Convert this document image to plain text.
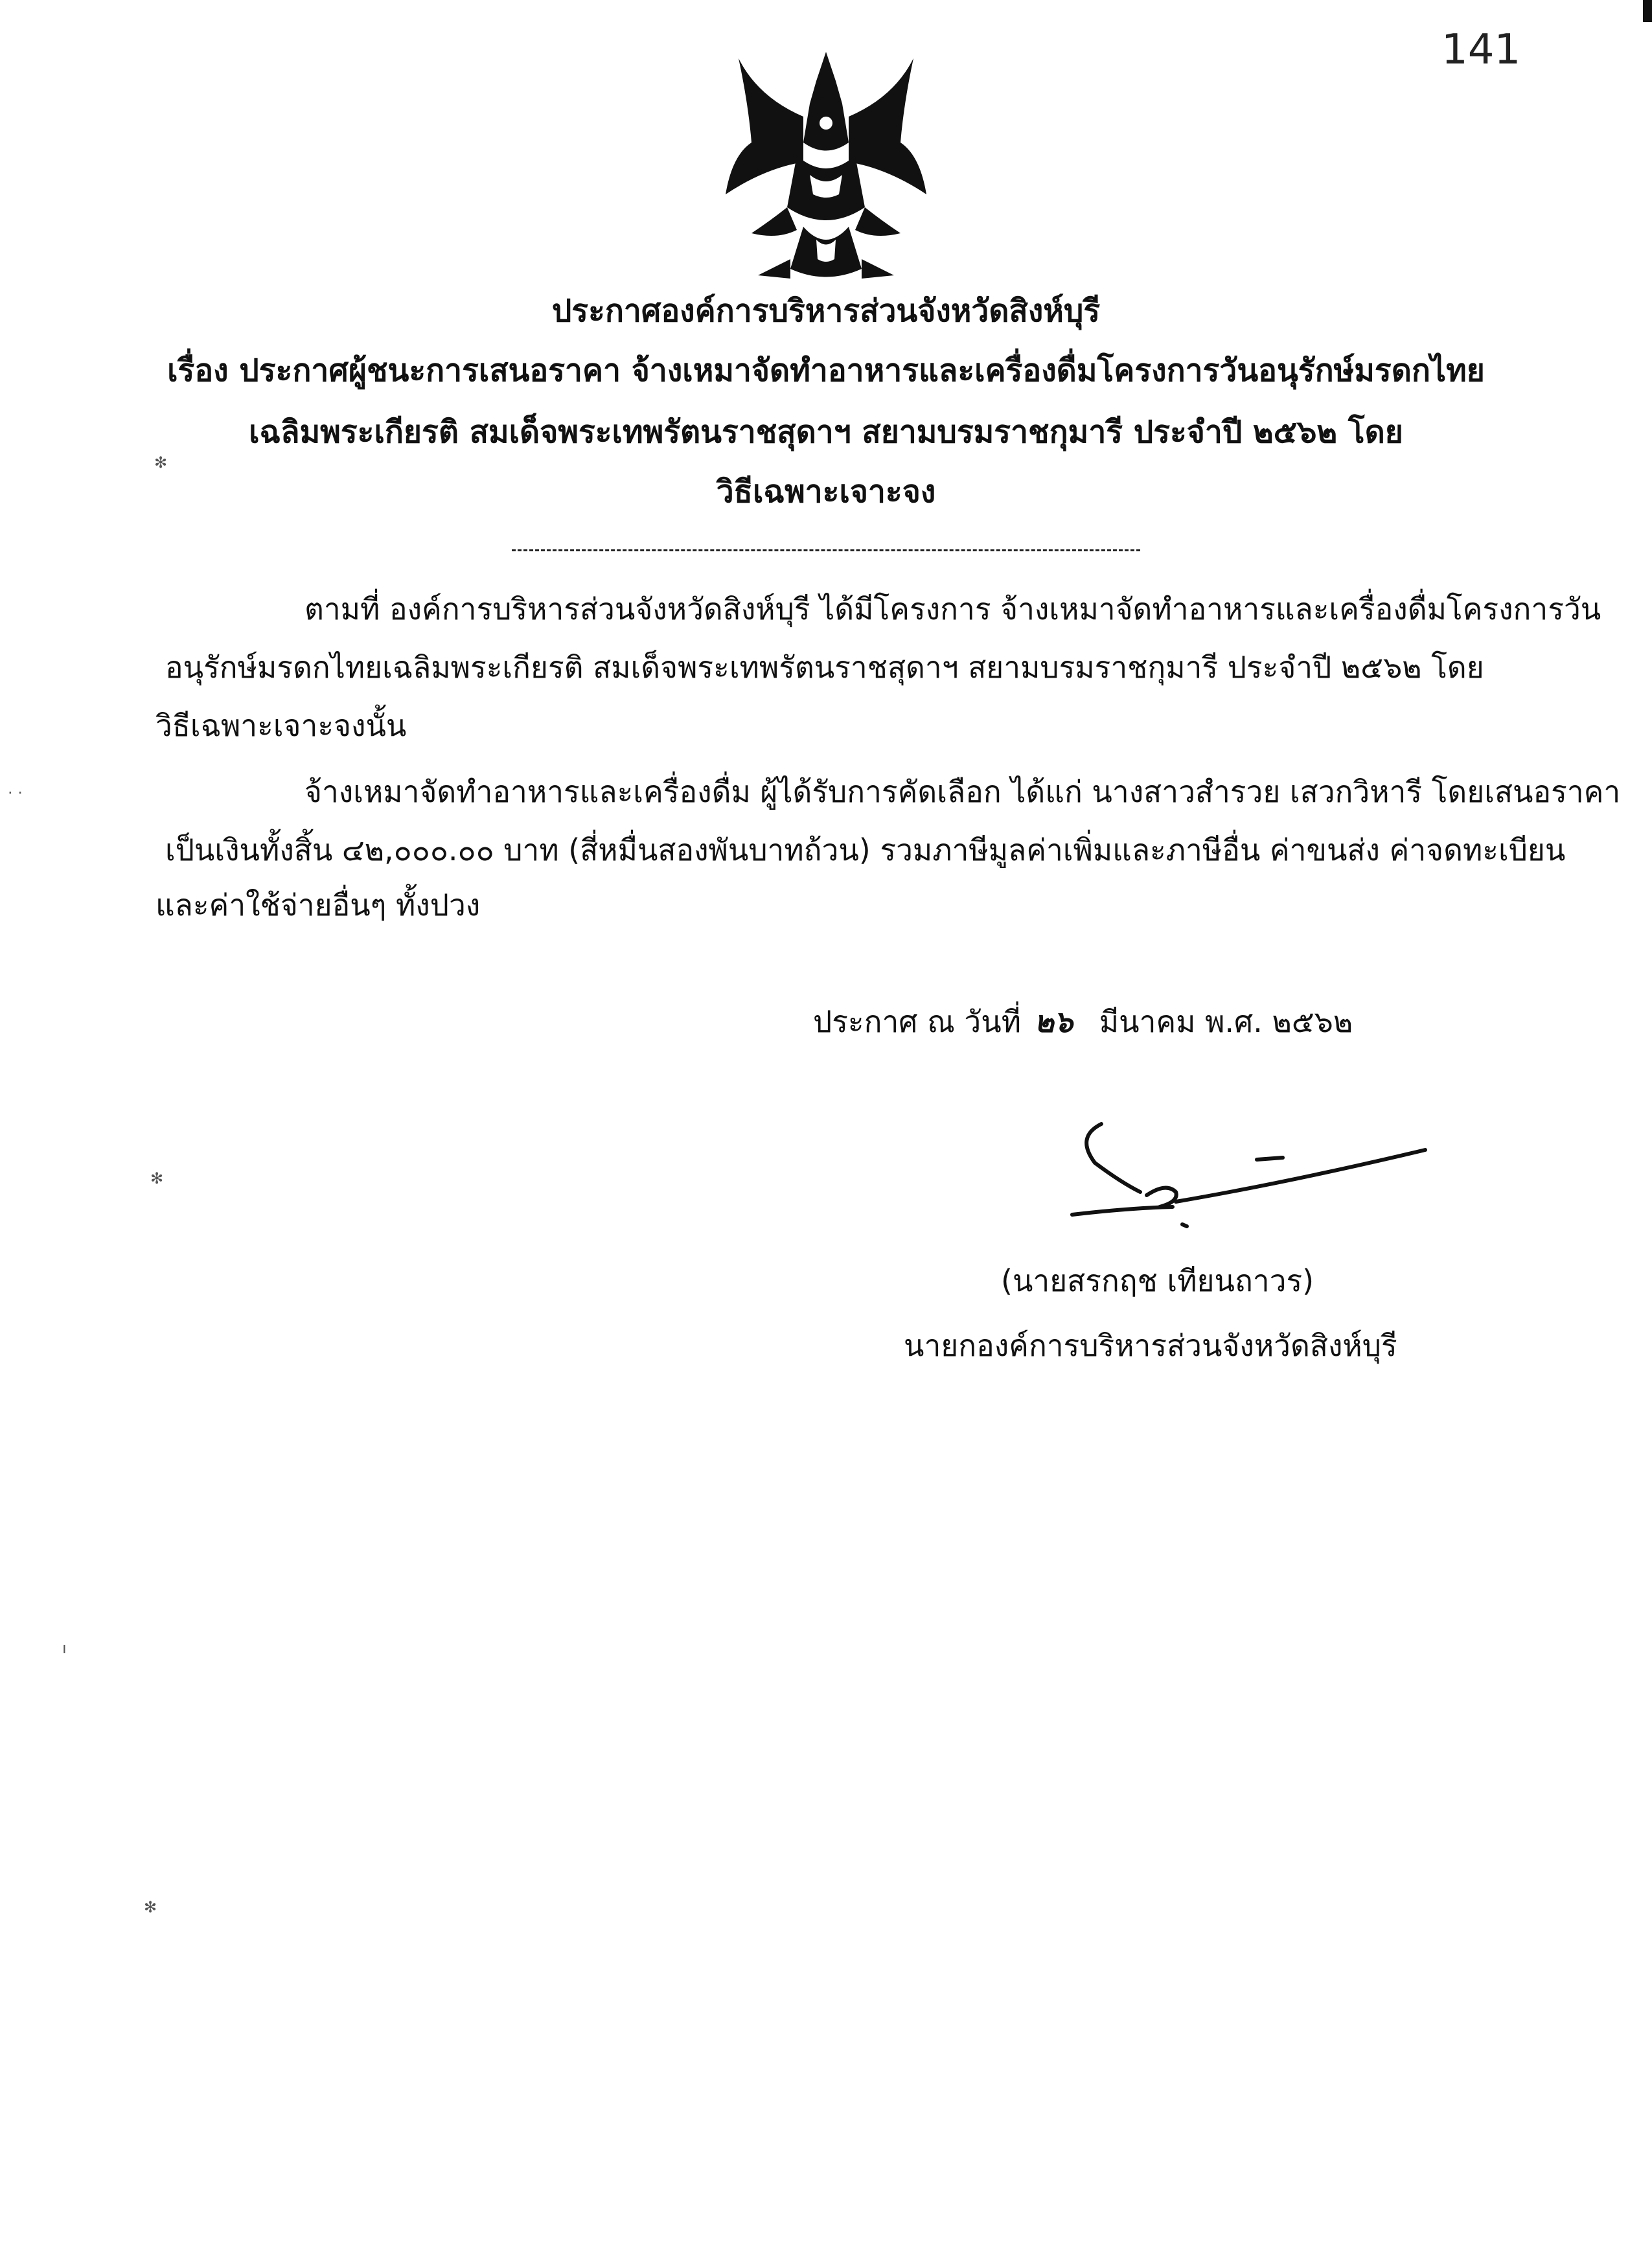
141
ประกาศองค์การบริหารส่วนจังหวัดสิงห์บุรี
เรื่อง ประกาศผู้ชนะการเสนอราคา จ้างเหมาจัดทำอาหารและเครื่องดื่มโครงการวันอนุรักษ์มรดกไทย
เฉลิมพระเกียรติ สมเด็จพระเทพรัตนราชสุดาฯ สยามบรมราชกุมารี ประจำปี ๒๕๖๒ โดย
วิธีเฉพาะเจาะจง
ตามที่ องค์การบริหารส่วนจังหวัดสิงห์บุรี ได้มีโครงการ จ้างเหมาจัดทำอาหารและเครื่องดื่มโครงการวัน
อนุรักษ์มรดกไทยเฉลิมพระเกียรติ สมเด็จพระเทพรัตนราชสุดาฯ สยามบรมราชกุมารี ประจำปี ๒๕๖๒ โดย
วิธีเฉพาะเจาะจงนั้น
จ้างเหมาจัดทำอาหารและเครื่องดื่ม ผู้ได้รับการคัดเลือก ได้แก่ นางสาวสำรวย เสวกวิหารี โดยเสนอราคา
เป็นเงินทั้งสิ้น ๔๒,๐๐๐.๐๐ บาท (สี่หมื่นสองพันบาทถ้วน) รวมภาษีมูลค่าเพิ่มและภาษีอื่น ค่าขนส่ง ค่าจดทะเบียน
และค่าใช้จ่ายอื่นๆ ทั้งปวง
ประกาศ ณ วันที่ ๒๖ มีนาคม พ.ศ. ๒๕๖๒
(นายสรกฤช เทียนถาวร)
นายกองค์การบริหารส่วนจังหวัดสิงห์บุรี
✻
· ·
✻
ı
✻
